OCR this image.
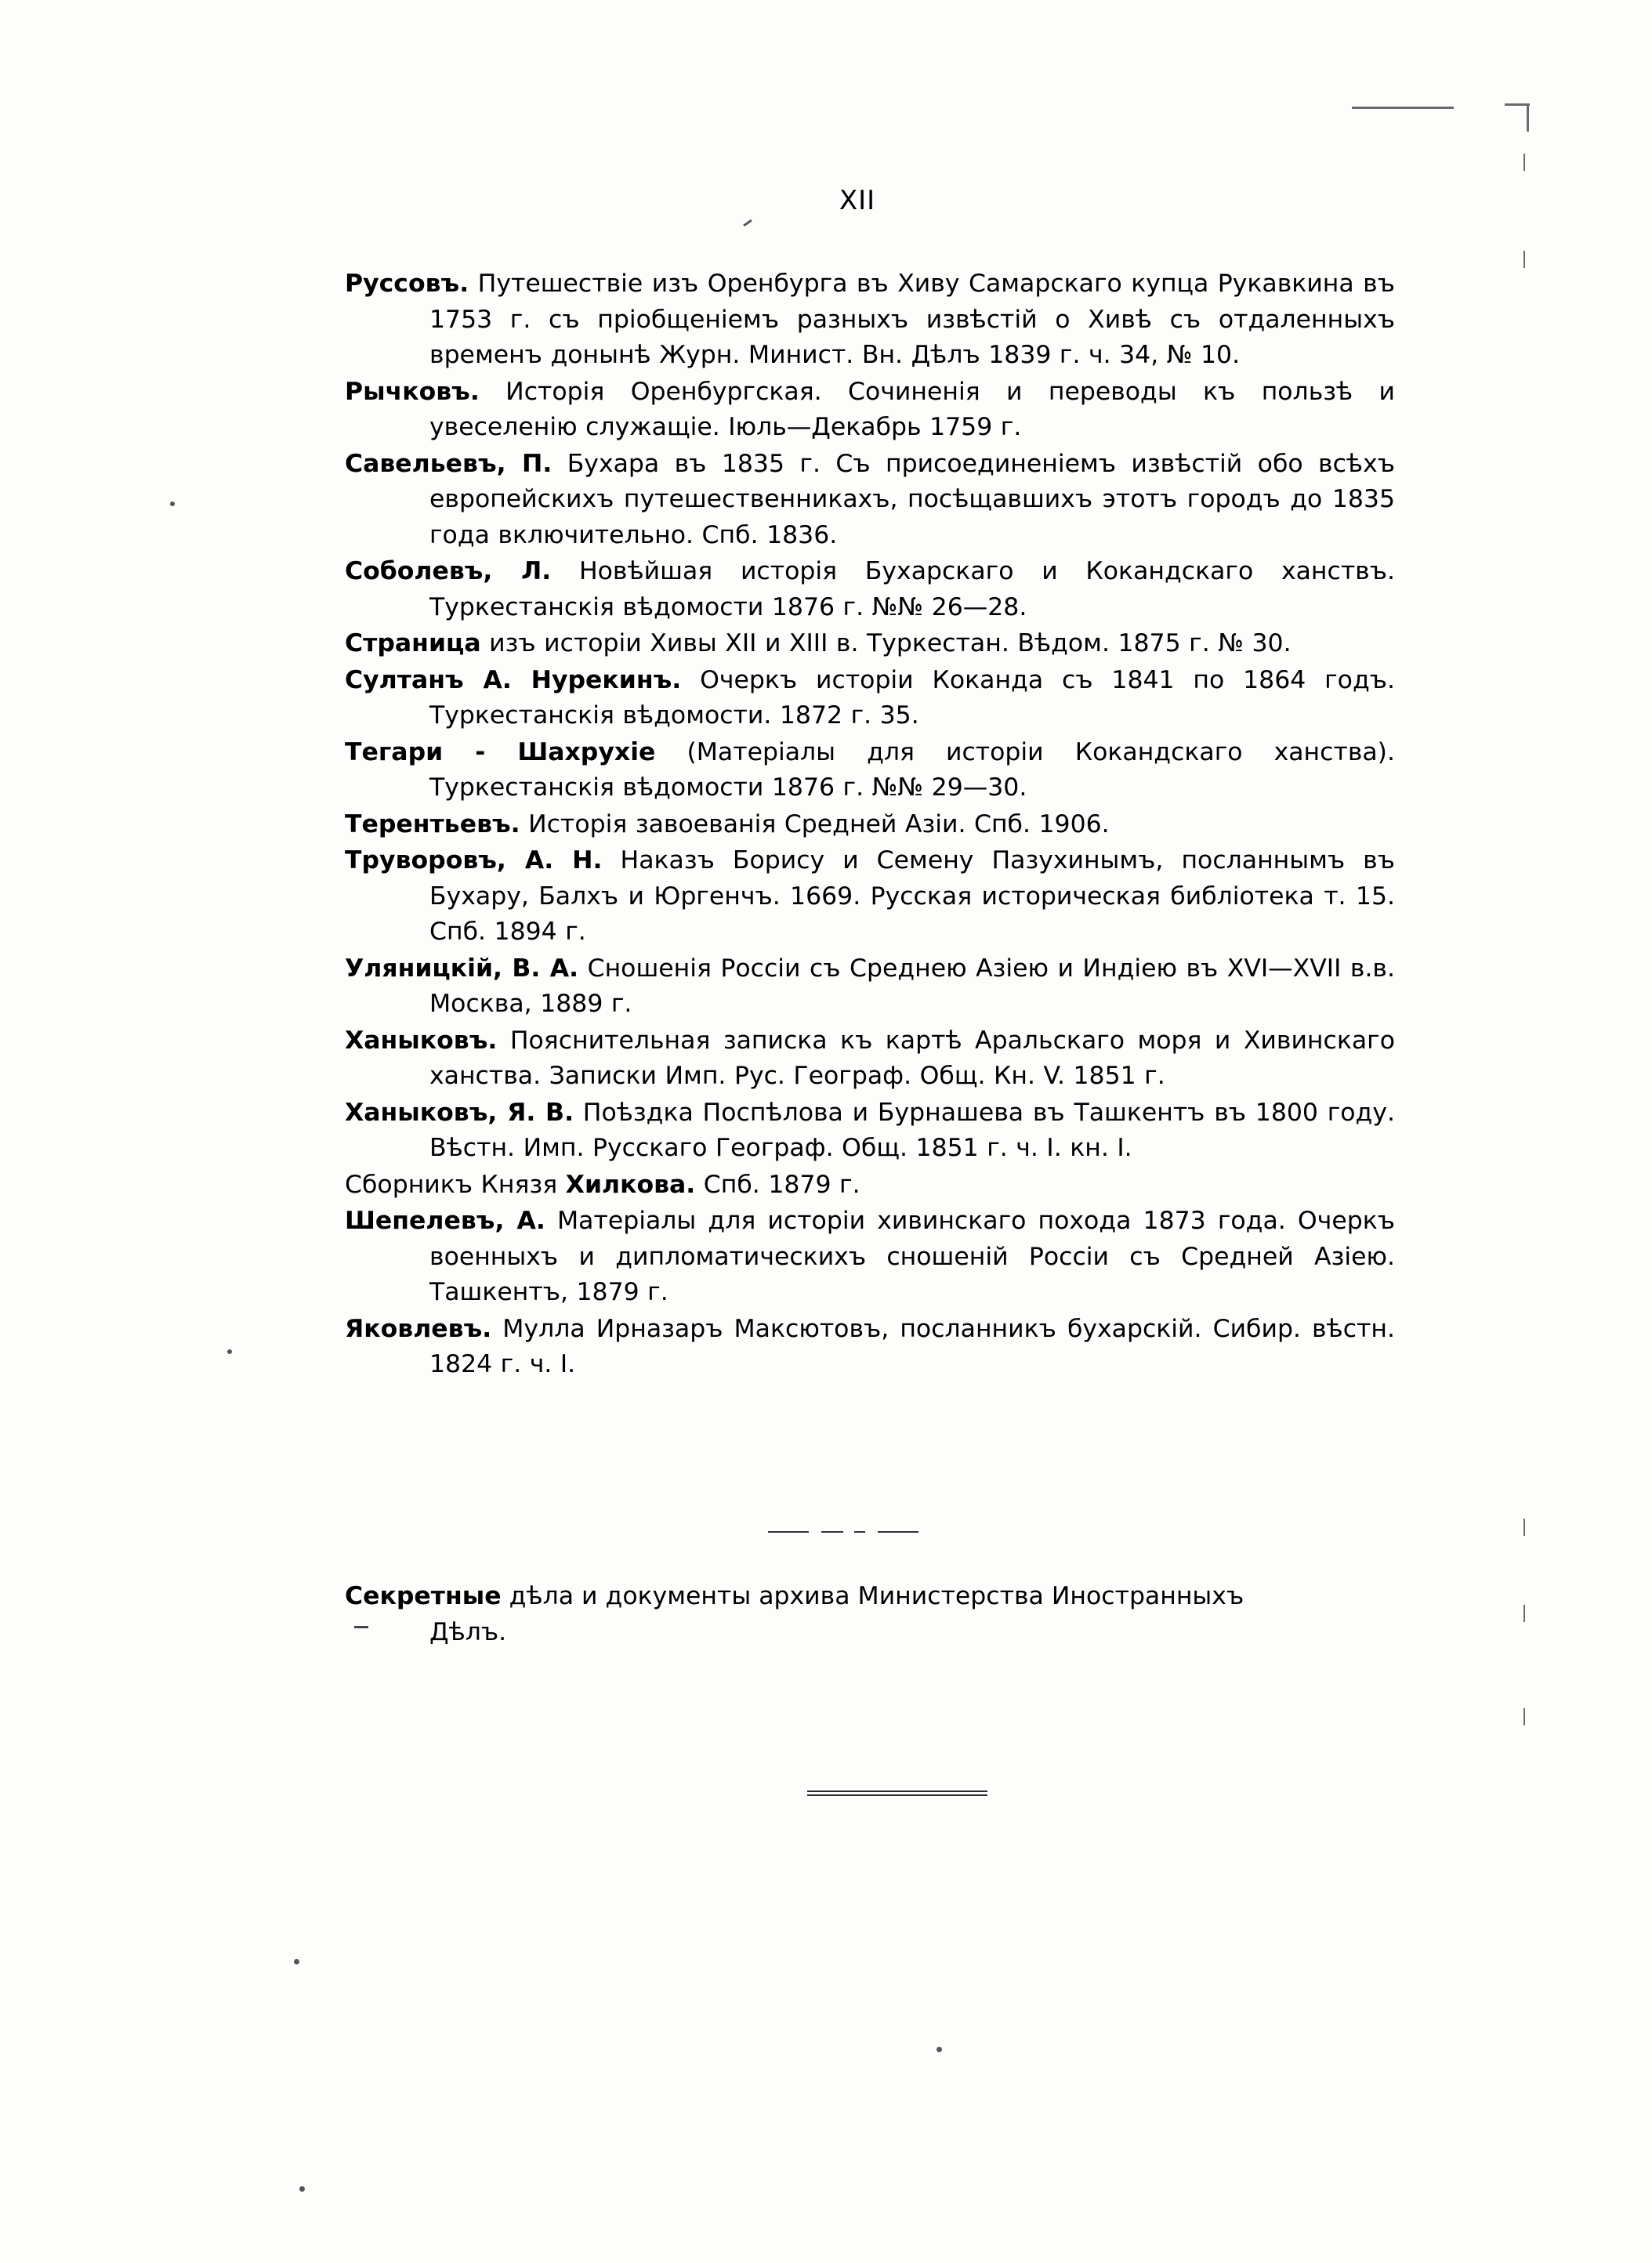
XII

Руссовъ. Путешествіе изъ Оренбурга въ Хиву Самарскаго купца Рукавкина въ 1753 г. съ пріобщеніемъ разныхъ извѣстій о Хивѣ съ отдаленныхъ временъ донынѣ Журн. Минист. Вн. Дѣлъ 1839 г. ч. 34, № 10.

Рычковъ. Исторія Оренбургская. Сочиненія и переводы къ пользѣ и увеселенію служащіе. Іюль—Декабрь 1759 г.

Савельевъ, П. Бухара въ 1835 г. Съ присоединеніемъ извѣстій обо всѣхъ европейскихъ путешественникахъ, посѣщавшихъ этотъ городъ до 1835 года включительно. Спб. 1836.

Соболевъ, Л. Новѣйшая исторія Бухарскаго и Кокандскаго ханствъ. Туркестанскія вѣдомости 1876 г. №№ 26—28.

Страница изъ исторіи Хивы XII и XIII в. Туркестан. Вѣдом. 1875 г. № 30.

Султанъ А. Нурекинъ. Очеркъ исторіи Коканда съ 1841 по 1864 годъ. Туркестанскія вѣдомости. 1872 г. 35.

Тегари - Шахрухіе (Матеріалы для исторіи Кокандскаго ханства). Туркестанскія вѣдомости 1876 г. №№ 29—30.

Терентьевъ. Исторія завоеванія Средней Азіи. Спб. 1906.

Труворовъ, А. Н. Наказъ Борису и Семену Пазухинымъ, посланнымъ въ Бухару, Балхъ и Юргенчъ. 1669. Русская историческая библіотека т. 15. Спб. 1894 г.

Уляницкій, В. А. Сношенія Россіи съ Среднею Азіею и Индіею въ XVI—XVII в.в. Москва, 1889 г.

Ханыковъ. Пояснительная записка къ картѣ Аральскаго моря и Хивинскаго ханства. Записки Имп. Рус. Географ. Общ. Кн. V. 1851 г.

Ханыковъ, Я. В. Поѣздка Поспѣлова и Бурнашева въ Ташкентъ въ 1800 году. Вѣстн. Имп. Русскаго Географ. Общ. 1851 г. ч. I. кн. I.

Сборникъ Князя Хилкова. Спб. 1879 г.

Шепелевъ, А. Матеріалы для исторіи хивинскаго похода 1873 года. Очеркъ военныхъ и дипломатическихъ сношеній Россіи съ Средней Азіею. Ташкентъ, 1879 г.

Яковлевъ. Мулла Ирназаръ Максютовъ, посланникъ бухарскій. Сибир. вѣстн. 1824 г. ч. I.

Секретные дѣла и документы архива Министерства Иностранныхъ
Дѣлъ.
